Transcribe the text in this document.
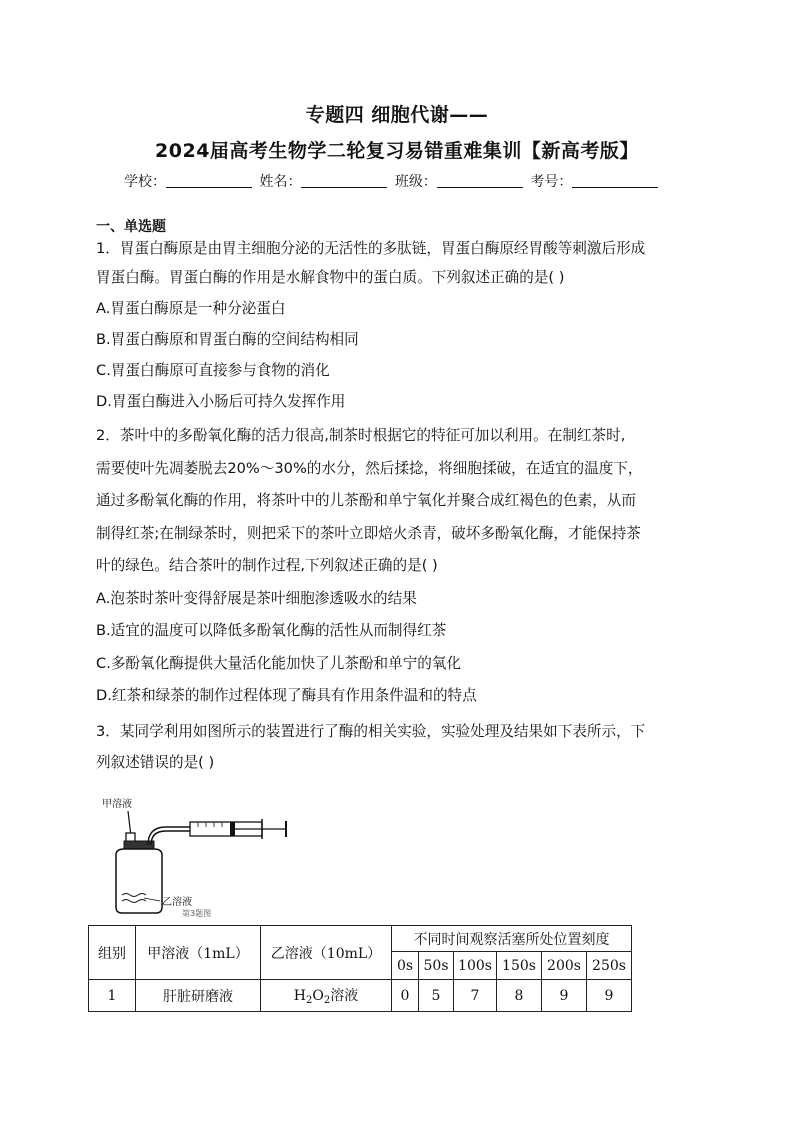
专题四 细胞代谢——
2024届高考生物学二轮复习易错重难集训【新高考版】
学校：	姓名：	班级：	考号：
一、单选题

1．胃蛋白酶原是由胃主细胞分泌的无活性的多肽链，胃蛋白酶原经胃酸等刺激后形成

胃蛋白酶。胃蛋白酶的作用是水解食物中的蛋白质。下列叙述正确的是( )

A.胃蛋白酶原是一种分泌蛋白

B.胃蛋白酶原和胃蛋白酶的空间结构相同

C.胃蛋白酶原可直接参与食物的消化

D.胃蛋白酶进入小肠后可持久发挥作用

2．茶叶中的多酚氧化酶的活力很高,制茶时根据它的特征可加以利用。在制红茶时,

需要使叶先凋萎脱去20%～30%的水分，然后揉捻，将细胞揉破，在适宜的温度下，

通过多酚氧化酶的作用，将茶叶中的儿茶酚和单宁氧化并聚合成红褐色的色素，从而

制得红茶;在制绿茶时，则把采下的茶叶立即焙火杀青，破坏多酚氧化酶，才能保持茶

叶的绿色。结合茶叶的制作过程,下列叙述正确的是( )

A.泡茶时茶叶变得舒展是茶叶细胞渗透吸水的结果

B.适宜的温度可以降低多酚氧化酶的活性从而制得红茶

C.多酚氧化酶提供大量活化能加快了儿茶酚和单宁的氧化

D.红茶和绿茶的制作过程体现了酶具有作用条件温和的特点

3．某同学利用如图所示的装置进行了酶的相关实验，实验处理及结果如下表所示，下

列叙述错误的是( )

甲溶液
乙溶液
第3题图
组别	甲溶液（1mL）	乙溶液（10mL）	不同时间观察活塞所处位置刻度					
			0s	50s	100s	150s	200s	250s
1	肝脏研磨液	$H_2O_2$溶液	0	5	7	8	9	9
